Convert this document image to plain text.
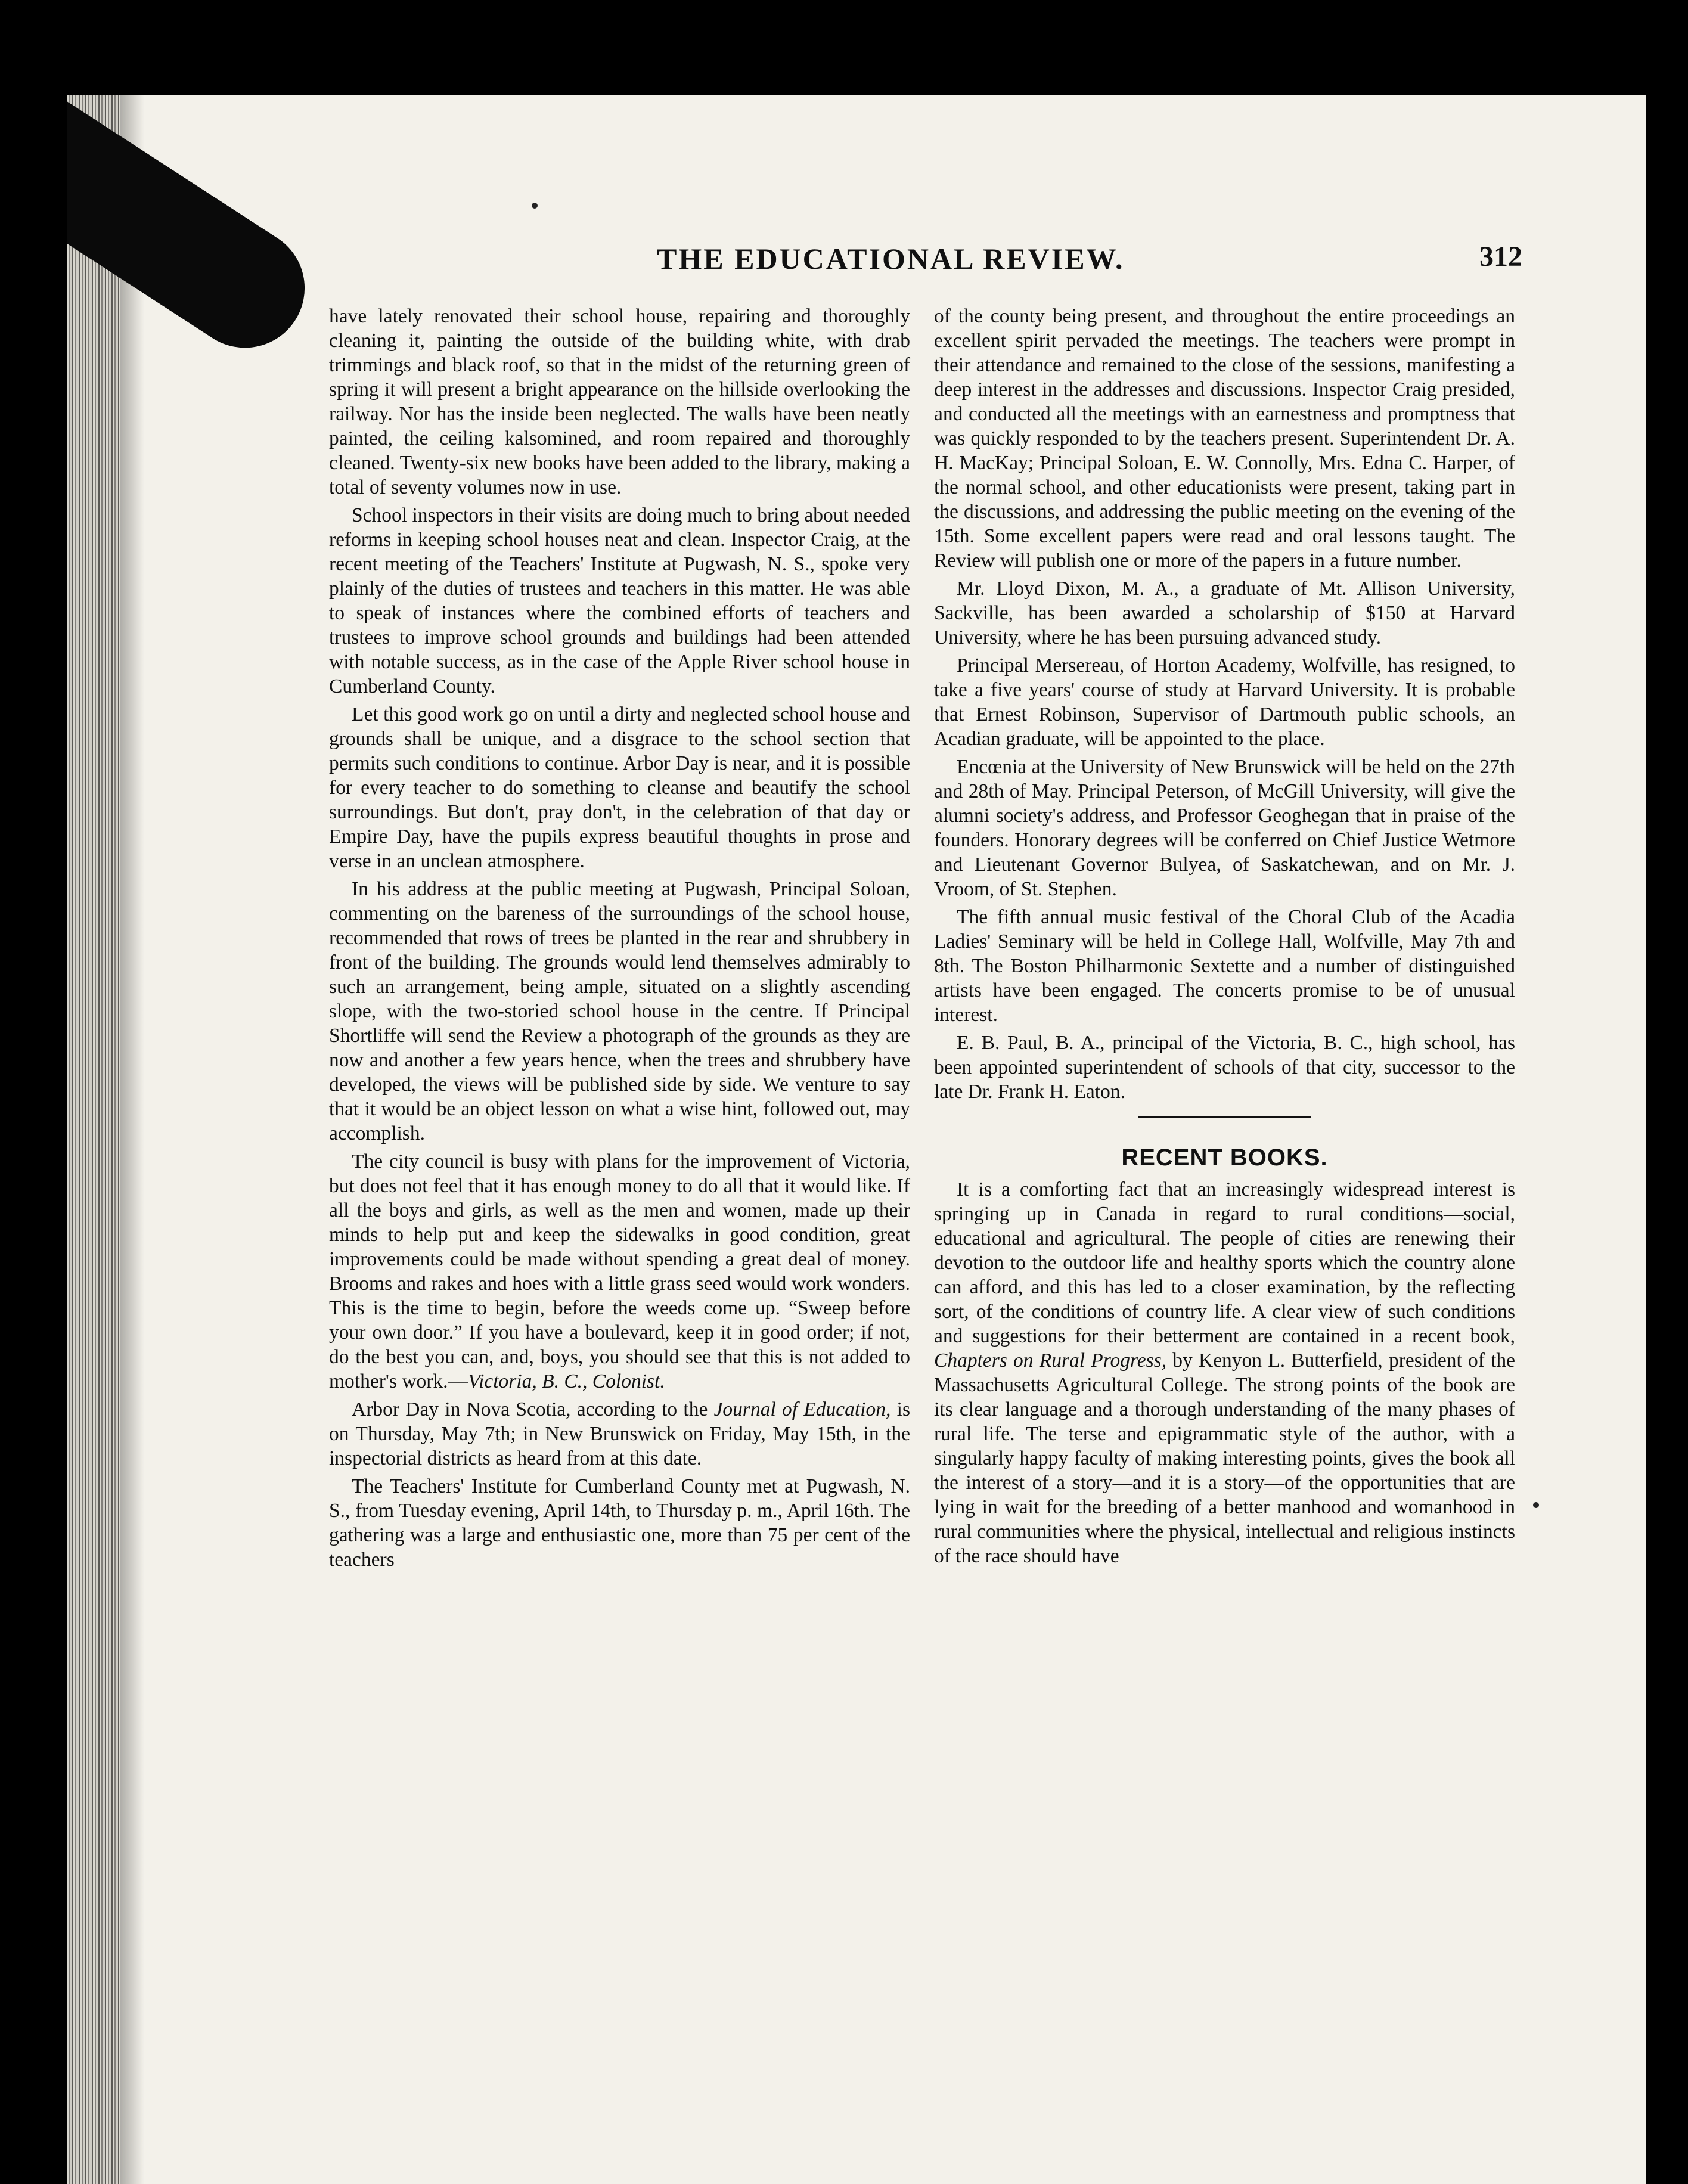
THE EDUCATIONAL REVIEW.	312

have lately renovated their school house, repairing and thoroughly cleaning it, painting the outside of the building white, with drab trimmings and black roof, so that in the midst of the returning green of spring it will present a bright appearance on the hillside overlooking the railway. Nor has the inside been neglected. The walls have been neatly painted, the ceiling kalsomined, and room repaired and thoroughly cleaned. Twenty-six new books have been added to the library, making a total of seventy volumes now in use.

School inspectors in their visits are doing much to bring about needed reforms in keeping school houses neat and clean. Inspector Craig, at the recent meeting of the Teachers' Institute at Pugwash, N. S., spoke very plainly of the duties of trustees and teachers in this matter. He was able to speak of instances where the combined efforts of teachers and trustees to improve school grounds and buildings had been attended with notable success, as in the case of the Apple River school house in Cumberland County.

Let this good work go on until a dirty and neglected school house and grounds shall be unique, and a disgrace to the school section that permits such conditions to continue. Arbor Day is near, and it is possible for every teacher to do something to cleanse and beautify the school surroundings. But don't, pray don't, in the celebration of that day or Empire Day, have the pupils express beautiful thoughts in prose and verse in an unclean atmosphere.

In his address at the public meeting at Pugwash, Principal Soloan, commenting on the bareness of the surroundings of the school house, recommended that rows of trees be planted in the rear and shrubbery in front of the building. The grounds would lend themselves admirably to such an arrangement, being ample, situated on a slightly ascending slope, with the two-storied school house in the centre. If Principal Shortliffe will send the Review a photograph of the grounds as they are now and another a few years hence, when the trees and shrubbery have developed, the views will be published side by side. We venture to say that it would be an object lesson on what a wise hint, followed out, may accomplish.

The city council is busy with plans for the improvement of Victoria, but does not feel that it has enough money to do all that it would like. If all the boys and girls, as well as the men and women, made up their minds to help put and keep the sidewalks in good condition, great improvements could be made without spending a great deal of money. Brooms and rakes and hoes with a little grass seed would work wonders. This is the time to begin, before the weeds come up. “Sweep before your own door.” If you have a boulevard, keep it in good order; if not, do the best you can, and, boys, you should see that this is not added to mother's work.—Victoria, B. C., Colonist.

Arbor Day in Nova Scotia, according to the Journal of Education, is on Thursday, May 7th; in New Brunswick on Friday, May 15th, in the inspectorial districts as heard from at this date.

The Teachers' Institute for Cumberland County met at Pugwash, N. S., from Tuesday evening, April 14th, to Thursday p. m., April 16th. The gathering was a large and enthusiastic one, more than 75 per cent of the teachers

of the county being present, and throughout the entire proceedings an excellent spirit pervaded the meetings. The teachers were prompt in their attendance and remained to the close of the sessions, manifesting a deep interest in the addresses and discussions. Inspector Craig presided, and conducted all the meetings with an earnestness and promptness that was quickly responded to by the teachers present. Superintendent Dr. A. H. MacKay; Principal Soloan, E. W. Connolly, Mrs. Edna C. Harper, of the normal school, and other educationists were present, taking part in the discussions, and addressing the public meeting on the evening of the 15th. Some excellent papers were read and oral lessons taught. The Review will publish one or more of the papers in a future number.

Mr. Lloyd Dixon, M. A., a graduate of Mt. Allison University, Sackville, has been awarded a scholarship of $150 at Harvard University, where he has been pursuing advanced study.

Principal Mersereau, of Horton Academy, Wolfville, has resigned, to take a five years' course of study at Harvard University. It is probable that Ernest Robinson, Supervisor of Dartmouth public schools, an Acadian graduate, will be appointed to the place.

Encœnia at the University of New Brunswick will be held on the 27th and 28th of May. Principal Peterson, of McGill University, will give the alumni society's address, and Professor Geoghegan that in praise of the founders. Honorary degrees will be conferred on Chief Justice Wetmore and Lieutenant Governor Bulyea, of Saskatchewan, and on Mr. J. Vroom, of St. Stephen.

The fifth annual music festival of the Choral Club of the Acadia Ladies' Seminary will be held in College Hall, Wolfville, May 7th and 8th. The Boston Philharmonic Sextette and a number of distinguished artists have been engaged. The concerts promise to be of unusual interest.

E. B. Paul, B. A., principal of the Victoria, B. C., high school, has been appointed superintendent of schools of that city, successor to the late Dr. Frank H. Eaton.

RECENT BOOKS.

It is a comforting fact that an increasingly widespread interest is springing up in Canada in regard to rural conditions—social, educational and agricultural. The people of cities are renewing their devotion to the outdoor life and healthy sports which the country alone can afford, and this has led to a closer examination, by the reflecting sort, of the conditions of country life. A clear view of such conditions and suggestions for their betterment are contained in a recent book, Chapters on Rural Progress, by Kenyon L. Butterfield, president of the Massachusetts Agricultural College. The strong points of the book are its clear language and a thorough understanding of the many phases of rural life. The terse and epigrammatic style of the author, with a singularly happy faculty of making interesting points, gives the book all the interest of a story—and it is a story—of the opportunities that are lying in wait for the breeding of a better manhood and womanhood in rural communities where the physical, intellectual and religious instincts of the race should have
